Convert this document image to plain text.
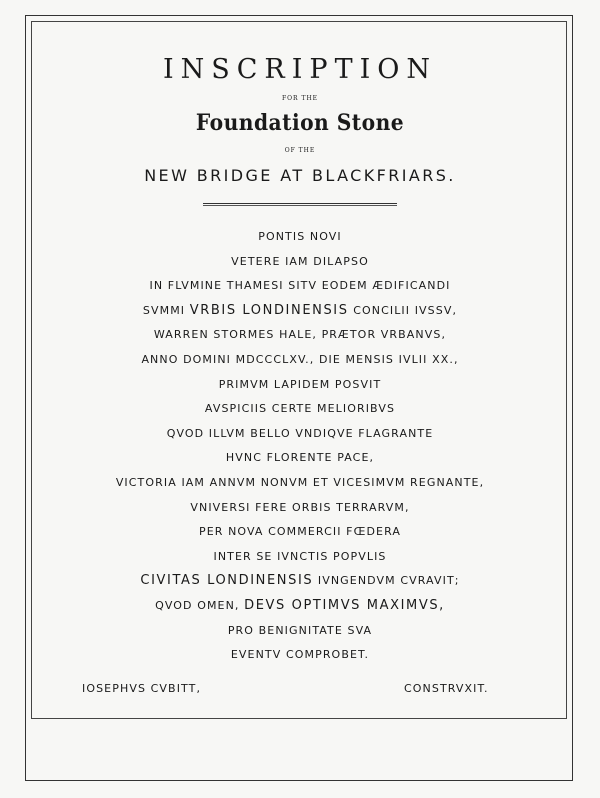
INSCRIPTION
FOR THE
Foundation Stone
OF THE
NEW BRIDGE AT BLACKFRIARS.
PONTIS NOVI
VETERE IAM DILAPSO
IN FLVMINE THAMESI SITV EODEM ÆDIFICANDI
SVMMI VRBIS LONDINENSIS CONCILII IVSSV,
WARREN STORMES HALE, PRÆTOR VRBANVS,
ANNO DOMINI MDCCCLXV., DIE MENSIS IVLII XX.,
PRIMVM LAPIDEM POSVIT
AVSPICIIS CERTE MELIORIBVS
QVOD ILLVM BELLO VNDIQVE FLAGRANTE
HVNC FLORENTE PACE,
VICTORIA IAM ANNVM NONVM ET VICESIMVM REGNANTE,
VNIVERSI FERE ORBIS TERRARVM,
PER NOVA COMMERCII FŒDERA
INTER SE IVNCTIS POPVLIS
CIVITAS LONDINENSIS IVNGENDVM CVRAVIT;
QVOD OMEN, DEVS OPTIMVS MAXIMVS,
PRO BENIGNITATE SVA
EVENTV COMPROBET.
IOSEPHVS CVBITT,	CONSTRVXIT.
